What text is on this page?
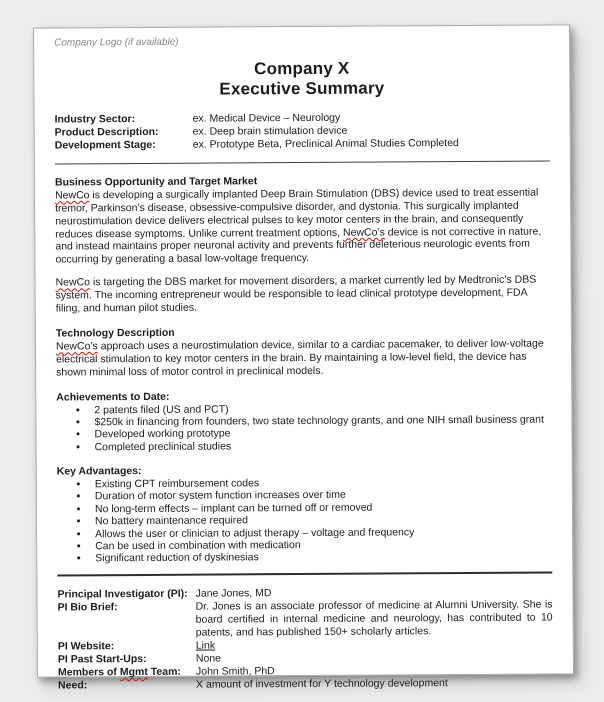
Company Logo (if available)
Company X
Executive Summary
Industry Sector:	ex. Medical Device – Neurology
Product Description:	ex. Deep brain stimulation device
Development Stage:	ex. Prototype Beta, Preclinical Animal Studies Completed
Business Opportunity and Target Market
NewCo is developing a surgically implanted Deep Brain Stimulation (DBS) device used to treat essential tremor, Parkinson’s disease, obsessive-compulsive disorder, and dystonia. This surgically implanted neurostimulation device delivers electrical pulses to key motor centers in the brain, and consequently reduces disease symptoms. Unlike current treatment options, NewCo’s device is not corrective in nature, and instead maintains proper neuronal activity and prevents further deleterious neurologic events from occurring by generating a basal low-voltage frequency.
NewCo is targeting the DBS market for movement disorders, a market currently led by Medtronic’s DBS system. The incoming entrepreneur would be responsible to lead clinical prototype development, FDA filing, and human pilot studies.
Technology Description
NewCo’s approach uses a neurostimulation device, similar to a cardiac pacemaker, to deliver low-voltage electrical stimulation to key motor centers in the brain. By maintaining a low-level field, the device has shown minimal loss of motor control in preclinical models.
Achievements to Date:
• 2 patents filed (US and PCT)
• $250k in financing from founders, two state technology grants, and one NIH small business grant
• Developed working prototype
• Completed preclinical studies
Key Advantages:
• Existing CPT reimbursement codes
• Duration of motor system function increases over time
• No long-term effects – implant can be turned off or removed
• No battery maintenance required
• Allows the user or clinician to adjust therapy – voltage and frequency
• Can be used in combination with medication
• Significant reduction of dyskinesias
Principal Investigator (PI): Jane Jones, MD
PI Bio Brief:	Dr. Jones is an associate professor of medicine at Alumni University. She is board certified in internal medicine and neurology, has contributed to 10 patents, and has published 150+ scholarly articles.
PI Website:	Link
PI Past Start-Ups:	None
Members of Mgmt Team:	John Smith, PhD
Need:	X amount of investment for Y technology development
